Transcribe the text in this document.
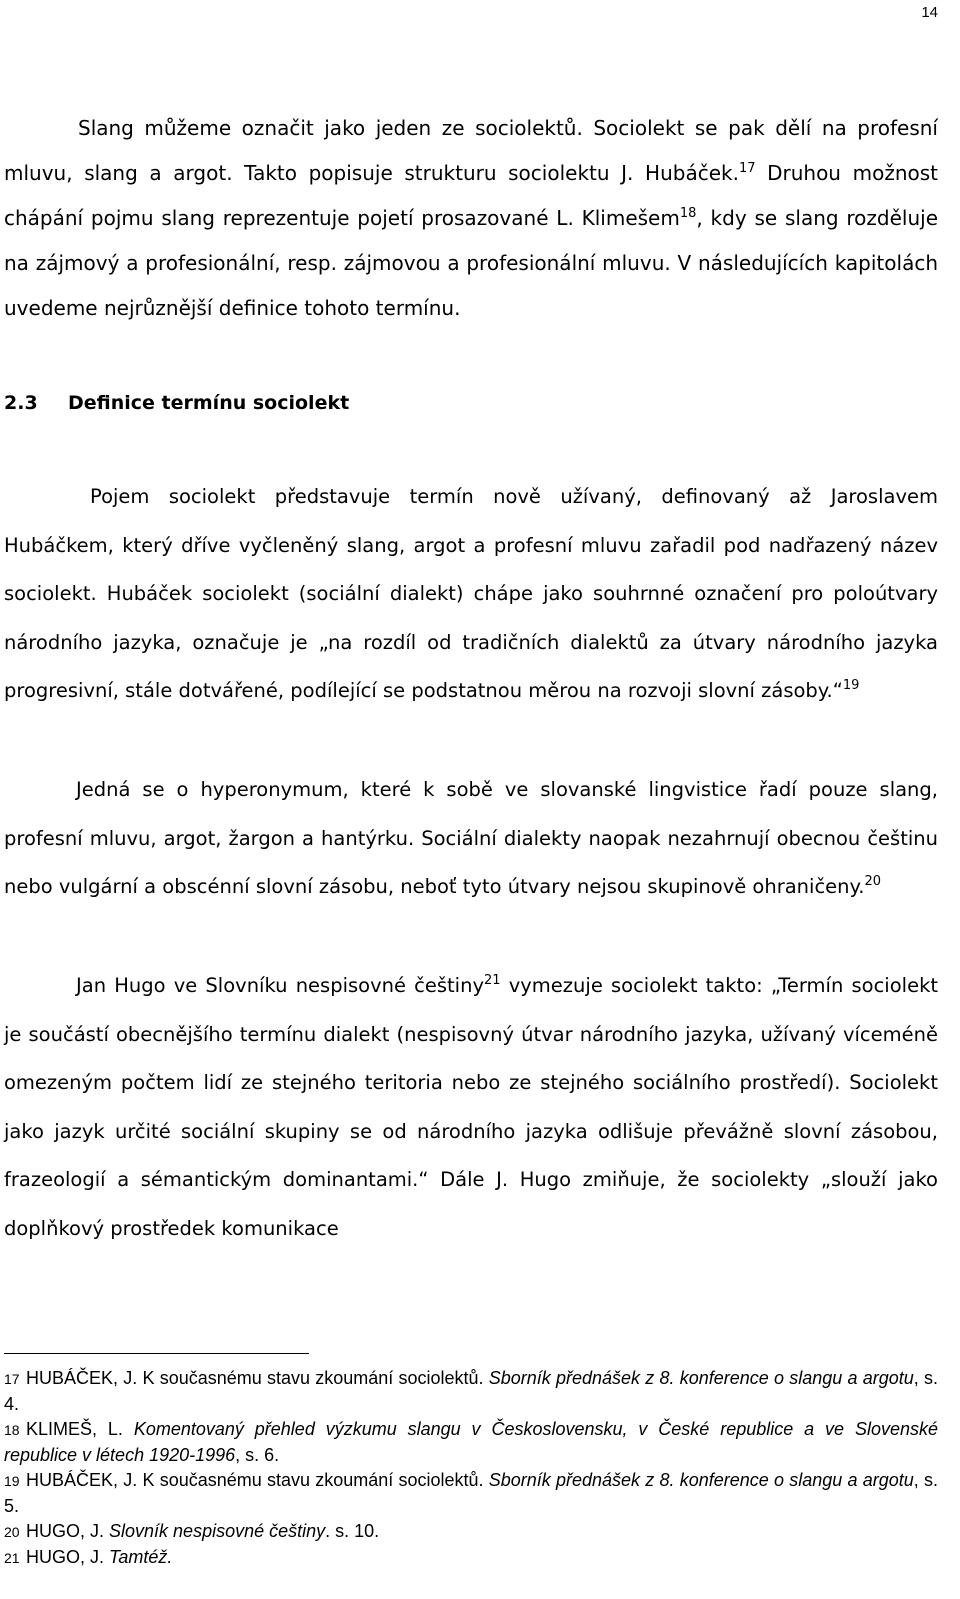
14

Slang můžeme označit jako jeden ze sociolektů. Sociolekt se pak dělí na profesní mluvu, slang a argot. Takto popisuje strukturu sociolektu J. Hubáček.$^{17}$ Druhou možnost chápání pojmu slang reprezentuje pojetí prosazované L. Klimešem$^{18}$, kdy se slang rozděluje na zájmový a profesionální, resp. zájmovou a profesionální mluvu. V následujících kapitolách uvedeme nejrůznější definice tohoto termínu.

2.3 Definice termínu sociolekt

Pojem sociolekt představuje termín nově užívaný, definovaný až Jaroslavem Hubáčkem, který dříve vyčleněný slang, argot a profesní mluvu zařadil pod nadřazený název sociolekt. Hubáček sociolekt (sociální dialekt) chápe jako souhrnné označení pro poloútvary národního jazyka, označuje je „na rozdíl od tradičních dialektů za útvary národního jazyka progresivní, stále dotvářené, podílející se podstatnou měrou na rozvoji slovní zásoby.“$^{19}$

Jedná se o hyperonymum, které k sobě ve slovanské lingvistice řadí pouze slang, profesní mluvu, argot, žargon a hantýrku. Sociální dialekty naopak nezahrnují obecnou češtinu nebo vulgární a obscénní slovní zásobu, neboť tyto útvary nejsou skupinově ohraničeny.$^{20}$

Jan Hugo ve Slovníku nespisovné češtiny$^{21}$ vymezuje sociolekt takto: „Termín sociolekt je součástí obecnějšího termínu dialekt (nespisovný útvar národního jazyka, užívaný víceméně omezeným počtem lidí ze stejného teritoria nebo ze stejného sociálního prostředí). Sociolekt jako jazyk určité sociální skupiny se od národního jazyka odlišuje převážně slovní zásobou, frazeologií a sémantickým dominantami.“ Dále J. Hugo zmiňuje, že sociolekty „slouží jako doplňkový prostředek komunikace

17 HUBÁČEK, J. K současnému stavu zkoumání sociolektů. Sborník přednášek z 8. konference o slangu a argotu, s. 4.

18 KLIMEŠ, L. Komentovaný přehled výzkumu slangu v Československu, v České republice a ve Slovenské republice v létech 1920-1996, s. 6.

19 HUBÁČEK, J. K současnému stavu zkoumání sociolektů. Sborník přednášek z 8. konference o slangu a argotu, s. 5.

20 HUGO, J. Slovník nespisovné češtiny. s. 10.

21 HUGO, J. Tamtéž.
